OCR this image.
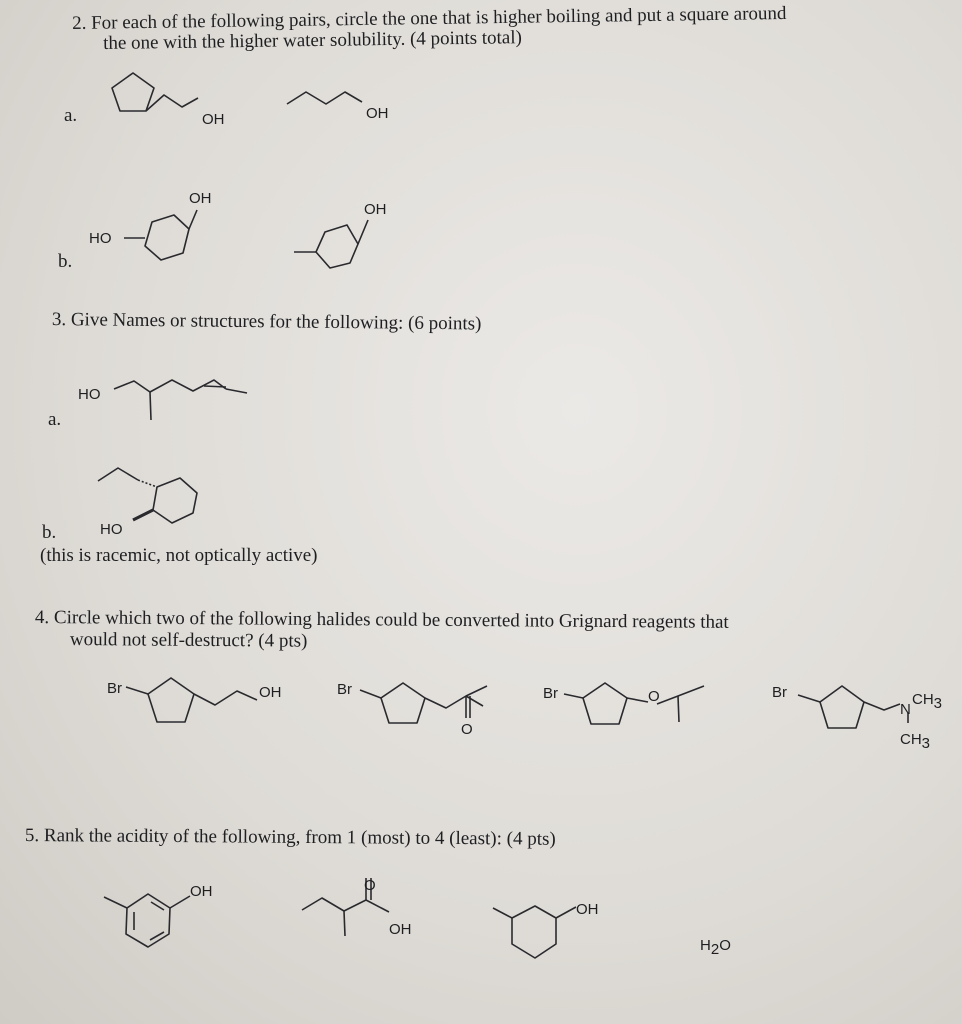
2. For each of the following pairs, circle the one that is higher boiling and put a square around
the one with the higher water solubility. (4 points total)
a.
b.
3. Give Names or structures for the following: (6 points)
a.
b.
(this is racemic, not optically active)
4. Circle which two of the following halides could be converted into Grignard reagents that
would not self-destruct? (4 pts)
5. Rank the acidity of the following, from 1 (most) to 4 (least): (4 pts)
OH	OH
HO
OH
OH
HO
HO
Br	OH	Br
O
Br	O	Br
N
CH3
CH3
OH	O
OH
OH
H2O
